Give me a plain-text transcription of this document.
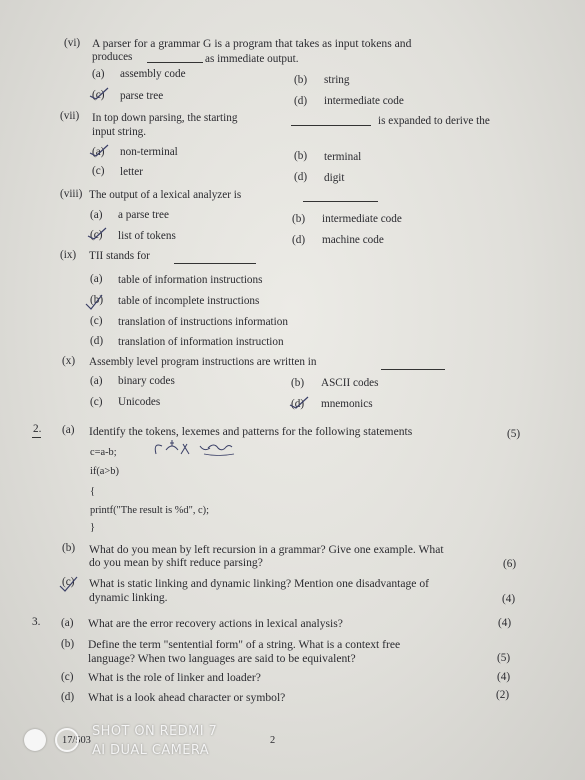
(vi) A parser for a grammar G is a program that takes as input tokens and
produces	as immediate output.
(a) assembly code	(b) string
(c) parse tree	(d) intermediate code
(vii) In top down parsing, the starting	is expanded to derive the
input string.
(a) non-terminal	(b) terminal
(c) letter	(d) digit
(viii) The output of a lexical analyzer is
(a) a parse tree	(b) intermediate code
(c) list of tokens	(d) machine code
(ix) TII stands for
(a) table of information instructions
(b) table of incomplete instructions
(c) translation of instructions information
(d) translation of information instruction
(x) Assembly level program instructions are written in
(a) binary codes	(b) ASCII codes
(c) Unicodes	(d) mnemonics
2. (a) Identify the tokens, lexemes and patterns for the following statements	(5)
c=a-b;
if(a>b)
{
printf("The result is %d", c);
}
(b) What do you mean by left recursion in a grammar? Give one example. What
do you mean by shift reduce parsing?	(6)
(c) What is static linking and dynamic linking? Mention one disadvantage of
dynamic linking.	(4)
3. (a) What are the error recovery actions in lexical analysis?	(4)
(b) Define the term "sentential form" of a string. What is a context free
language? When two languages are said to be equivalent?	(5)
(c) What is the role of linker and loader?	(4)
(d) What is a look ahead character or symbol?	(2)
17/503	2
SHOT ON REDMI 7
AI DUAL CAMERA
